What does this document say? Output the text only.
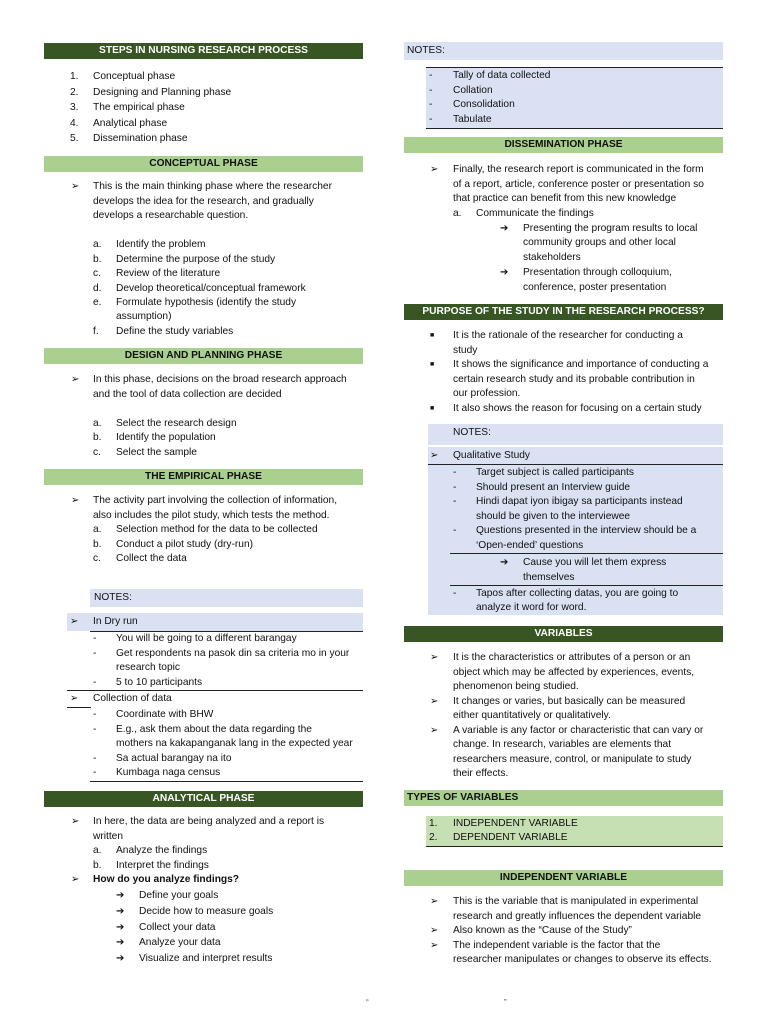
STEPS IN NURSING RESEARCH PROCESS
1. Conceptual phase
2. Designing and Planning phase
3. The empirical phase
4. Analytical phase
5. Dissemination phase
CONCEPTUAL PHASE
➢ This is the main thinking phase where the researcher
develops the idea for the research, and gradually
develops a researchable question.
a. Identify the problem
b. Determine the purpose of the study
c. Review of the literature
d. Develop theoretical/conceptual framework
e. Formulate hypothesis (identify the study
assumption)
f. Define the study variables
DESIGN AND PLANNING PHASE
➢ In this phase, decisions on the broad research approach
and the tool of data collection are decided
a. Select the research design
b. Identify the population
c. Select the sample
THE EMPIRICAL PHASE
➢ The activity part involving the collection of information,
also includes the pilot study, which tests the method.
a. Selection method for the data to be collected
b. Conduct a pilot study (dry-run)
c. Collect the data
NOTES:
➢ In Dry run
- You will be going to a different barangay
- Get respondents na pasok din sa criteria mo in your
research topic
- 5 to 10 participants
➢ Collection of data
- Coordinate with BHW
- E.g., ask them about the data regarding the
mothers na kakapanganak lang in the expected year
- Sa actual barangay na ito
- Kumbaga naga census
ANALYTICAL PHASE
➢ In here, the data are being analyzed and a report is
written
a. Analyze the findings
b. Interpret the findings
➢ How do you analyze findings?
➔ Define your goals
➔ Decide how to measure goals
➔ Collect your data
➔ Analyze your data
➔ Visualize and interpret results
NOTES:
- Tally of data collected
- Collation
- Consolidation
- Tabulate
DISSEMINATION PHASE
➢ Finally, the research report is communicated in the form
of a report, article, conference poster or presentation so
that practice can benefit from this new knowledge
a. Communicate the findings
➔ Presenting the program results to local
community groups and other local
stakeholders
➔ Presentation through colloquium,
conference, poster presentation
PURPOSE OF THE STUDY IN THE RESEARCH PROCESS?
■ It is the rationale of the researcher for conducting a
study
■ It shows the significance and importance of conducting a
certain research study and its probable contribution in
our profession.
■ It also shows the reason for focusing on a certain study
NOTES:
➢ Qualitative Study
- Target subject is called participants
- Should present an Interview guide
- Hindi dapat iyon ibigay sa participants instead
should be given to the interviewee
- Questions presented in the interview should be a
‘Open-ended’ questions
➔ Cause you will let them express
themselves
- Tapos after collecting datas, you are going to
analyze it word for word.
VARIABLES
➢ It is the characteristics or attributes of a person or an
object which may be affected by experiences, events,
phenomenon being studied.
➢ It changes or varies, but basically can be measured
either quantitatively or qualitatively.
➢ A variable is any factor or characteristic that can vary or
change. In research, variables are elements that
researchers measure, control, or manipulate to study
their effects.
TYPES OF VARIABLES
1. INDEPENDENT VARIABLE
2. DEPENDENT VARIABLE
INDEPENDENT VARIABLE
➢ This is the variable that is manipulated in experimental
research and greatly influences the dependent variable
➢ Also known as the “Cause of the Study”
➢ The independent variable is the factor that the
researcher manipulates or changes to observe its effects.
“	”
